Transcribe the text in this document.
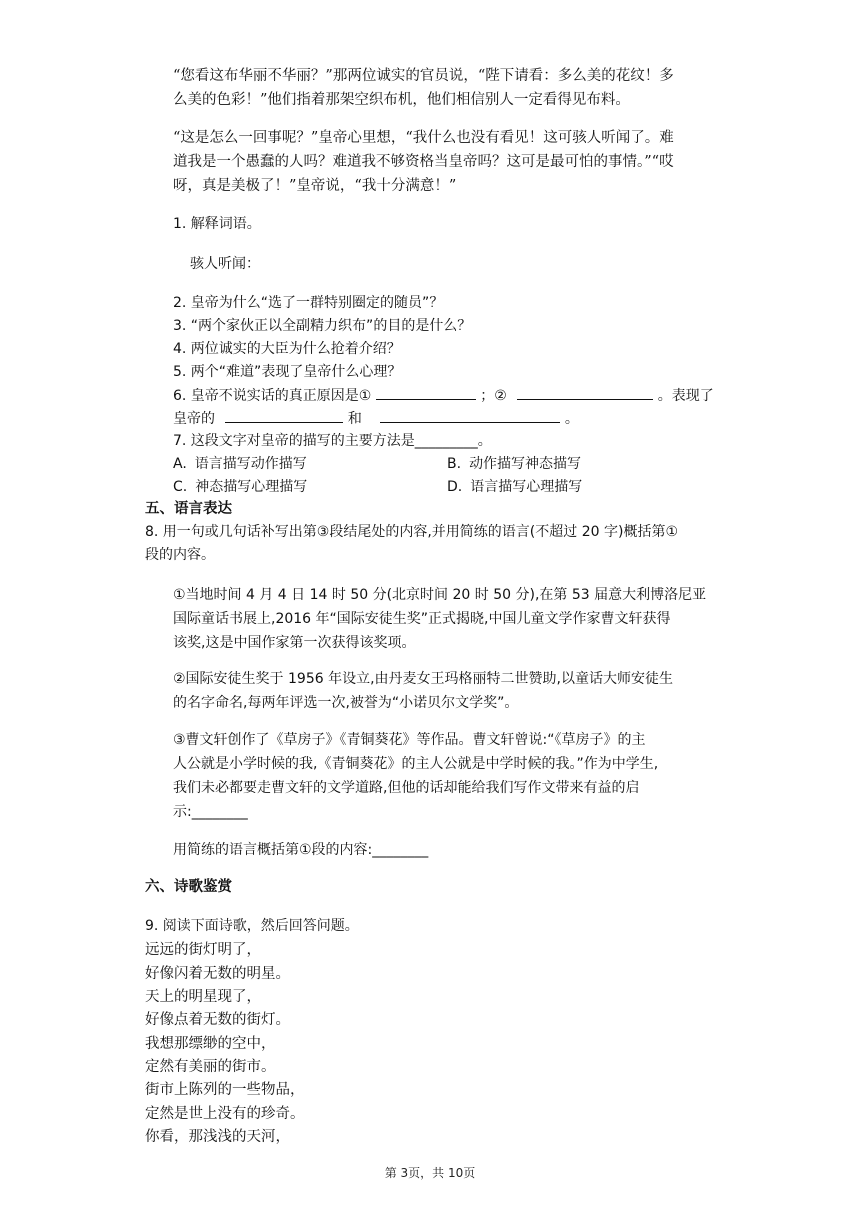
“您看这布华丽不华丽？”那两位诚实的官员说，“陛下请看：多么美的花纹！多
么美的色彩！”他们指着那架空织布机，他们相信别人一定看得见布料。
“这是怎么一回事呢？”皇帝心里想，“我什么也没有看见！这可骇人听闻了。难
道我是一个愚蠢的人吗？难道我不够资格当皇帝吗？这可是最可怕的事情。”“哎
呀，真是美极了！”皇帝说，“我十分满意！”
1. 解释词语。
骇人听闻：
2. 皇帝为什么“选了一群特别圈定的随员”？
3. “两个家伙正以全副精力织布”的目的是什么？
4. 两位诚实的大臣为什么抢着介绍？
5. 两个“难道”表现了皇帝什么心理？
6. 皇帝不说实话的真正原因是①	；②	。表现了
皇帝的	和	。
7. 这段文字对皇帝的描写的主要方法是_________。
A. 语言描写动作描写	B. 动作描写神态描写
C. 神态描写心理描写	D. 语言描写心理描写
五、语言表达
8. 用一句或几句话补写出第③段结尾处的内容,并用简练的语言(不超过 20 字)概括第①
段的内容。
①当地时间 4 月 4 日 14 时 50 分(北京时间 20 时 50 分),在第 53 届意大利博洛尼亚
国际童话书展上,2016 年“国际安徒生奖”正式揭晓,中国儿童文学作家曹文轩获得
该奖,这是中国作家第一次获得该奖项。
②国际安徒生奖于 1956 年设立,由丹麦女王玛格丽特二世赞助,以童话大师安徒生
的名字命名,每两年评选一次,被誉为“小诺贝尔文学奖”。
③曹文轩创作了《草房子》《青铜葵花》等作品。曹文轩曾说:“《草房子》的主
人公就是小学时候的我,《青铜葵花》的主人公就是中学时候的我。”作为中学生,
我们未必都要走曹文轩的文学道路,但他的话却能给我们写作文带来有益的启
示:________
用简练的语言概括第①段的内容:________
六、诗歌鉴赏
9. 阅读下面诗歌，然后回答问题。
远远的街灯明了，
好像闪着无数的明星。
天上的明星现了，
好像点着无数的街灯。
我想那缥缈的空中，
定然有美丽的街市。
街市上陈列的一些物品，
定然是世上没有的珍奇。
你看，那浅浅的天河，
第 3页，共 10页
